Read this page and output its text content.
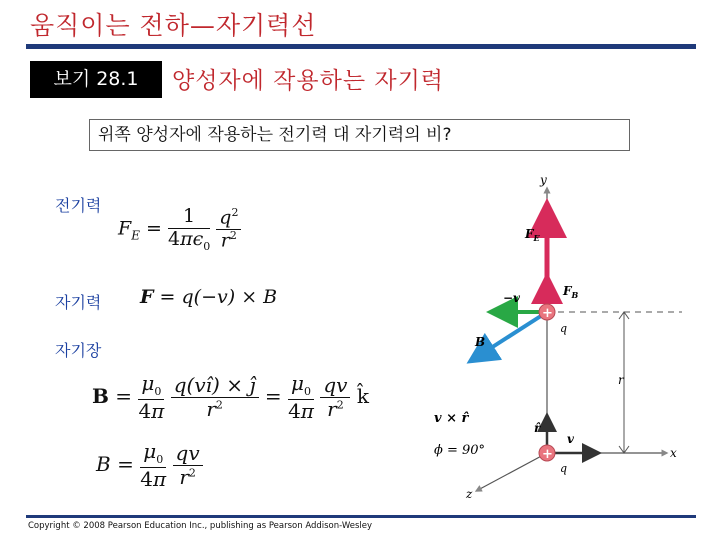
움직이는 전하—자기력선
보기 28.1	양성자에 작용하는 자기력
위쪽 양성자에 작용하는 전기력 대 자기력의 비?
전기력
자기력
자기장
$F_E = \frac{1}{4\pi\epsilon_0}$
$\frac{q^2}{r^2}$
F = q(−v) × B
$B = \frac{\mu_0}{4\pi}$
$\frac{q(vî) \times ĵ}{r^2} = \frac{\mu_0}{4\pi}$
$\frac{qv}{r^2}$ k̂
$B = \frac{\mu_0}{4\pi}$
$\frac{qv}{r^2}$
y
x
z
r
$F_E$
$F_B$
−v
B
+
q
r̂
v
v × r̂
ϕ = 90°	+
q
Copyright © 2008 Pearson Education Inc., publishing as Pearson Addison-Wesley
